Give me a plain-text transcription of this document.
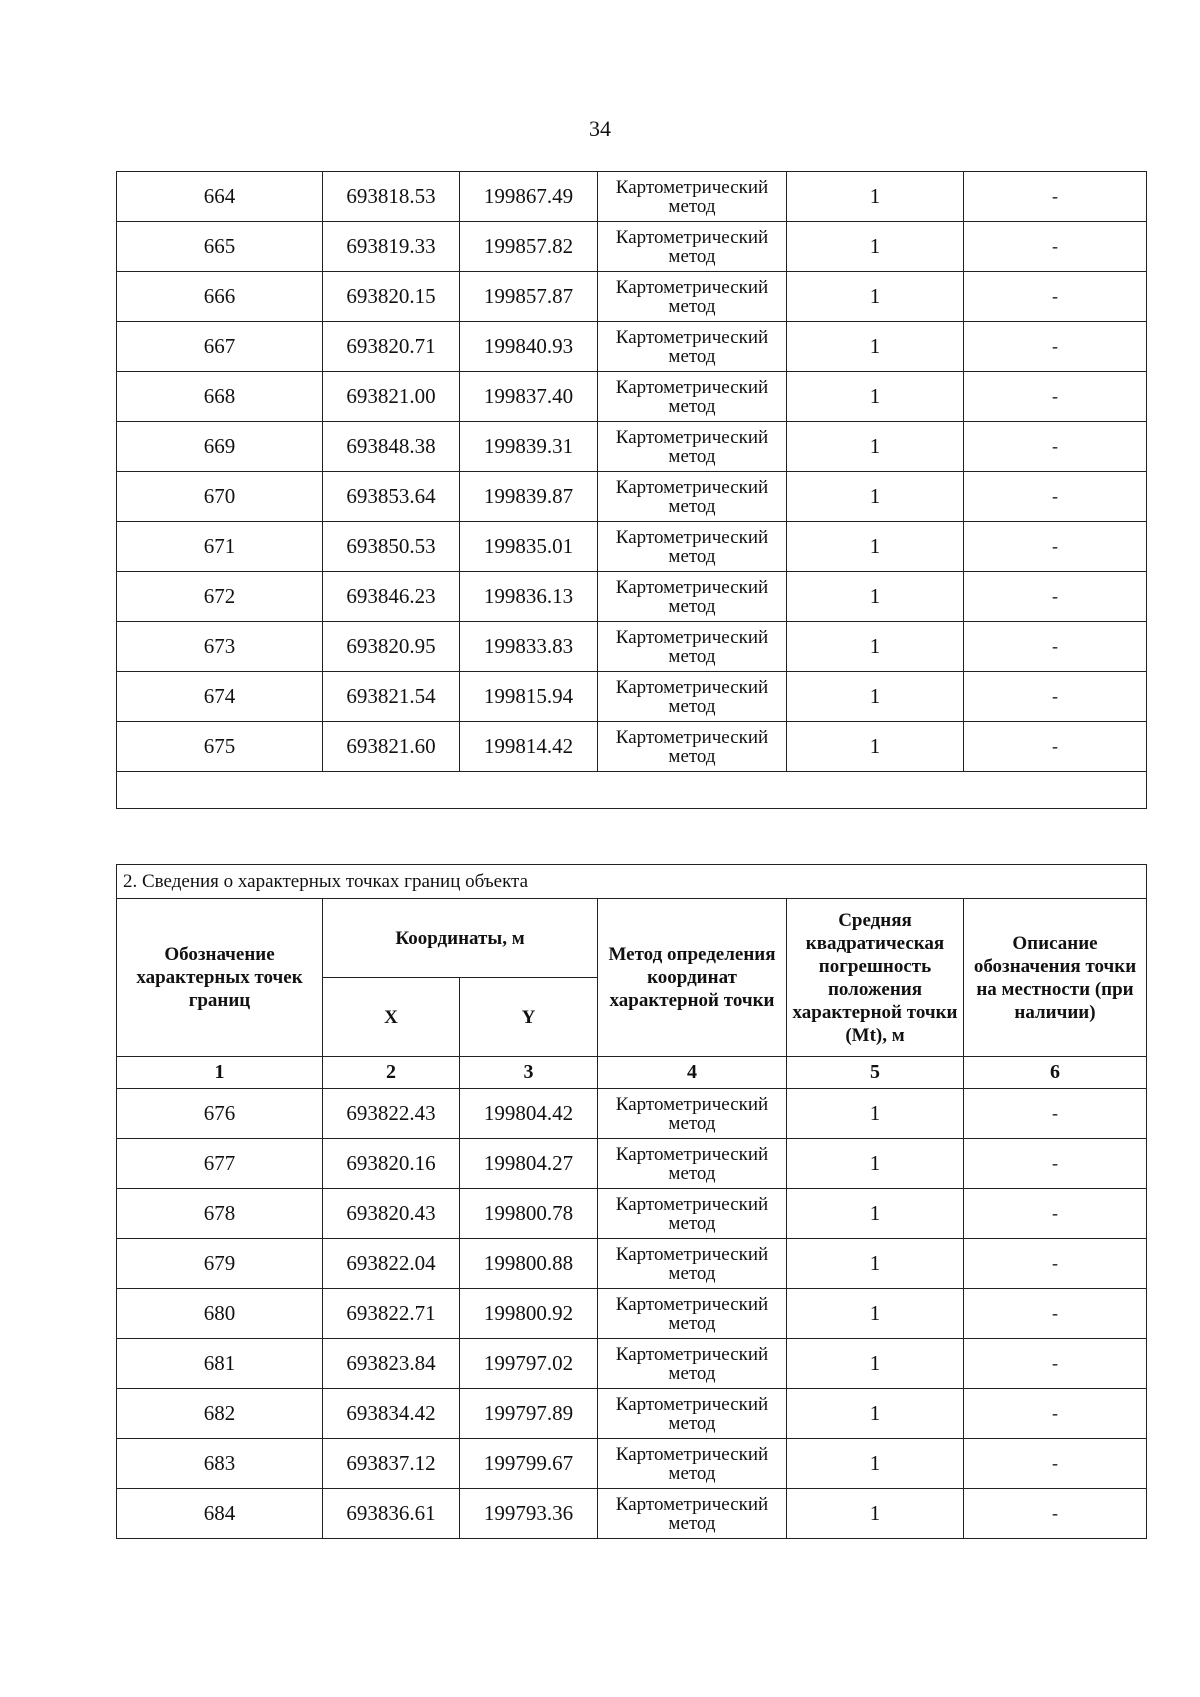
34
664	693818.53	199867.49	Картометрический метод	1	-
665	693819.33	199857.82	Картометрический метод	1	-
666	693820.15	199857.87	Картометрический метод	1	-
667	693820.71	199840.93	Картометрический метод	1	-
668	693821.00	199837.40	Картометрический метод	1	-
669	693848.38	199839.31	Картометрический метод	1	-
670	693853.64	199839.87	Картометрический метод	1	-
671	693850.53	199835.01	Картометрический метод	1	-
672	693846.23	199836.13	Картометрический метод	1	-
673	693820.95	199833.83	Картометрический метод	1	-
674	693821.54	199815.94	Картометрический метод	1	-
675	693821.60	199814.42	Картометрический метод	1	-

2. Сведения о характерных точках границ объекта					
Обозначение характерных точек границ	Координаты, м		Метод определения координат характерной точки	Средняя квадратическая погрешность положения характерной точки (Mt), м	Описание обозначения точки на местности (при наличии)
	X	Y			
1	2	3	4	5	6
676	693822.43	199804.42	Картометрический метод	1	-
677	693820.16	199804.27	Картометрический метод	1	-
678	693820.43	199800.78	Картометрический метод	1	-
679	693822.04	199800.88	Картометрический метод	1	-
680	693822.71	199800.92	Картометрический метод	1	-
681	693823.84	199797.02	Картометрический метод	1	-
682	693834.42	199797.89	Картометрический метод	1	-
683	693837.12	199799.67	Картометрический метод	1	-
684	693836.61	199793.36	Картометрический метод	1	-
